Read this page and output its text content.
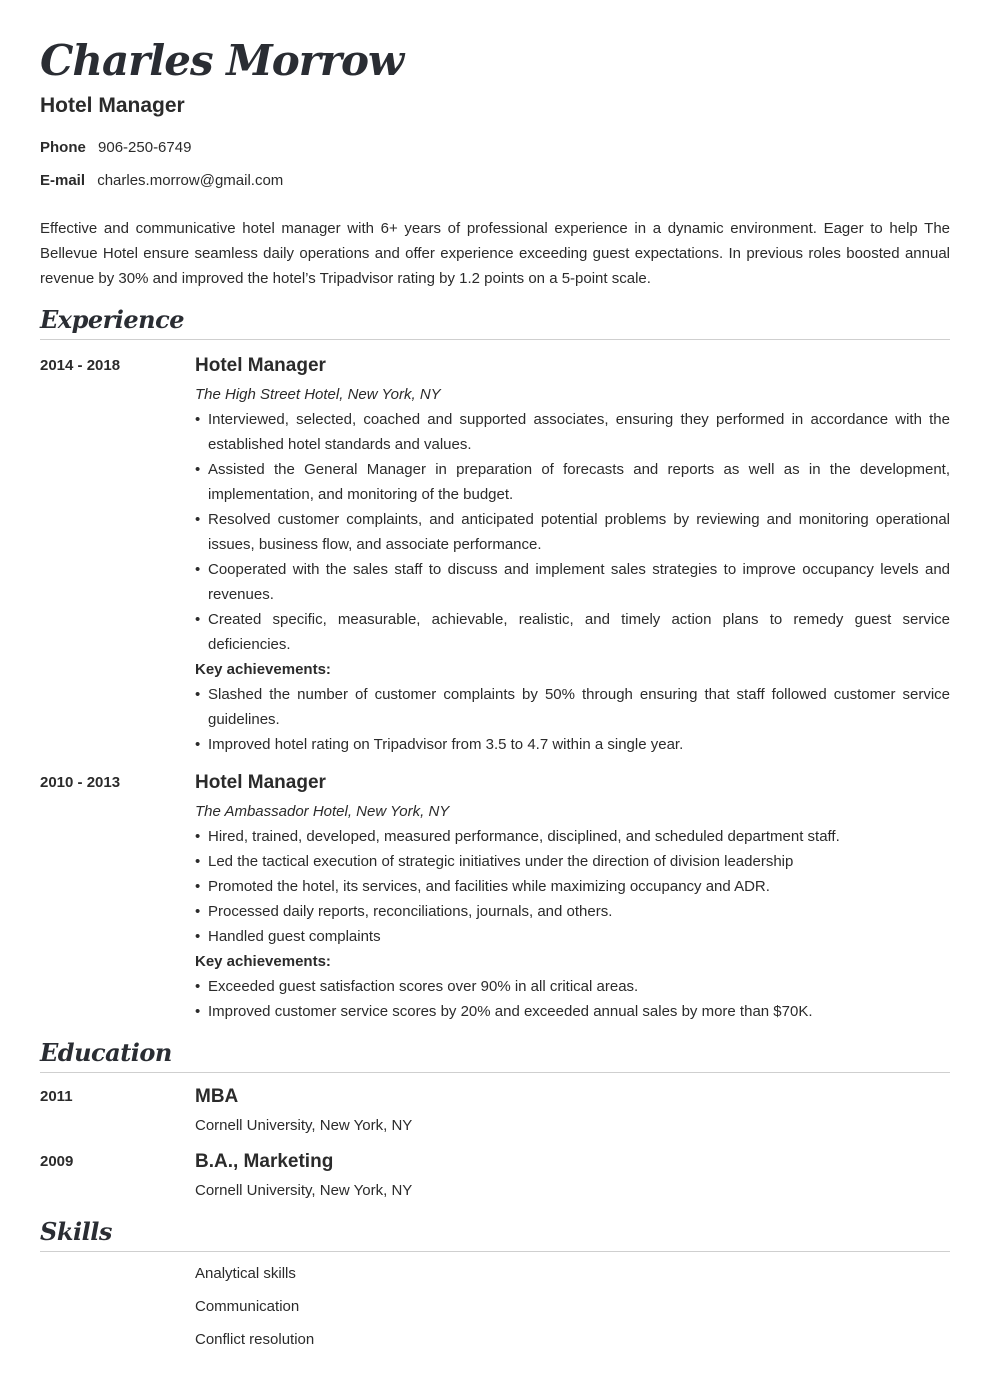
Charles Morrow
Hotel Manager
Phone 906-250-6749
E-mail charles.morrow@gmail.com

Effective and communicative hotel manager with 6+ years of professional experience in a dynamic environment. Eager to help The Bellevue Hotel ensure seamless daily operations and offer experience exceeding guest expectations. In previous roles boosted annual revenue by 30% and improved the hotel’s Tripadvisor rating by 1.2 points on a 5-point scale.

Experience
2014 - 2018	Hotel Manager
The High Street Hotel, New York, NY
• Interviewed, selected, coached and supported associates, ensuring they performed in accordance with the established hotel standards and values.
• Assisted the General Manager in preparation of forecasts and reports as well as in the development, implementation, and monitoring of the budget.
• Resolved customer complaints, and anticipated potential problems by reviewing and monitoring operational issues, business flow, and associate performance.
• Cooperated with the sales staff to discuss and implement sales strategies to improve occupancy levels and revenues.
• Created specific, measurable, achievable, realistic, and timely action plans to remedy guest service deficiencies.
Key achievements:
• Slashed the number of customer complaints by 50% through ensuring that staff followed customer service guidelines.
• Improved hotel rating on Tripadvisor from 3.5 to 4.7 within a single year.
2010 - 2013	Hotel Manager
The Ambassador Hotel, New York, NY
• Hired, trained, developed, measured performance, disciplined, and scheduled department staff.
• Led the tactical execution of strategic initiatives under the direction of division leadership
• Promoted the hotel, its services, and facilities while maximizing occupancy and ADR.
• Processed daily reports, reconciliations, journals, and others.
• Handled guest complaints
Key achievements:
• Exceeded guest satisfaction scores over 90% in all critical areas.
• Improved customer service scores by 20% and exceeded annual sales by more than $70K.
Education
2011	MBA
Cornell University, New York, NY
2009	B.A., Marketing
Cornell University, New York, NY
Skills
Analytical skills
Communication
Conflict resolution
